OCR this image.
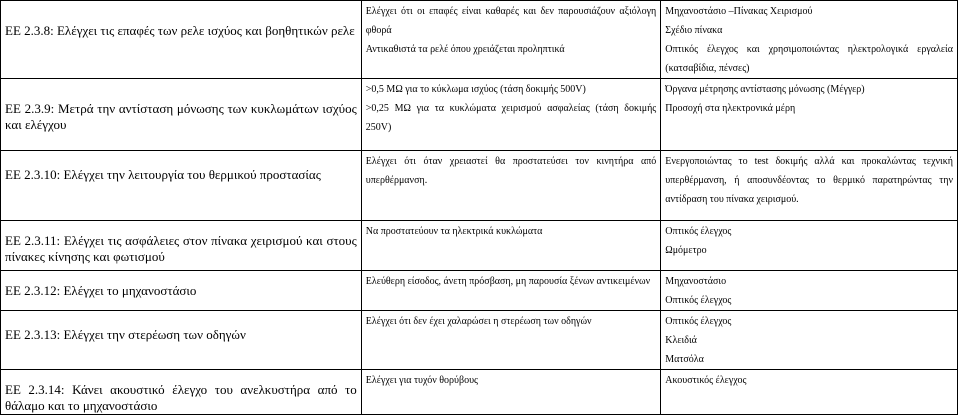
ΕΕ 2.3.8: Ελέγχει τις επαφές των ρελε ισχύος και βοηθητικών ρελε	Ελέγχει ότι οι επαφές είναι καθαρές και δεν παρουσιάζουν αξιόλογη φθορά
Αντικαθιστά τα ρελέ όπου χρειάζεται προληπτικά	Μηχανοστάσιο –Πίνακας Χειρισμού
Σχέδιο πίνακα
Οπτικός έλεγχος και χρησιμοποιώντας ηλεκτρολογικά εργαλεία (κατσαβίδια, πένσες)

ΕΕ 2.3.9: Μετρά την αντίσταση μόνωσης των κυκλωμάτων ισχύος και ελέγχου	>0,5 MΩ για το κύκλωμα ισχύος (τάση δοκιμής 500V)
>0,25 MΩ για τα κυκλώματα χειρισμού ασφαλείας (τάση δοκιμής 250V)	Όργανα μέτρησης αντίστασης μόνωσης (Μέγγερ)
Προσοχή στα ηλεκτρονικά μέρη

ΕΕ 2.3.10: Ελέγχει την λειτουργία του θερμικού προστασίας	Ελέγχει ότι όταν χρειαστεί θα προστατεύσει τον κινητήρα από υπερθέρμανση.	Ενεργοποιώντας το test δοκιμής αλλά και προκαλώντας τεχνική υπερθέρμανση, ή αποσυνδέοντας το θερμικό παρατηρώντας την αντίδραση του πίνακα χειρισμού.

ΕΕ 2.3.11: Ελέγχει τις ασφάλειες στον πίνακα χειρισμού και στους πίνακες κίνησης και φωτισμού	Να προστατεύουν τα ηλεκτρικά κυκλώματα	Οπτικός έλεγχος
Ωμόμετρο

ΕΕ 2.3.12: Ελέγχει το μηχανοστάσιο	Ελεύθερη είσοδος, άνετη πρόσβαση, μη παρουσία ξένων αντικειμένων	Μηχανοστάσιο
Οπτικός έλεγχος

ΕΕ 2.3.13: Ελέγχει την στερέωση των οδηγών	Ελέγχει ότι δεν έχει χαλαρώσει η στερέωση των οδηγών	Οπτικός έλεγχος
Κλειδιά
Ματσόλα

ΕΕ 2.3.14: Κάνει ακουστικό έλεγχο του ανελκυστήρα από το θάλαμο και το μηχανοστάσιο	Ελέγχει για τυχόν θορύβους	Ακουστικός έλεγχος
